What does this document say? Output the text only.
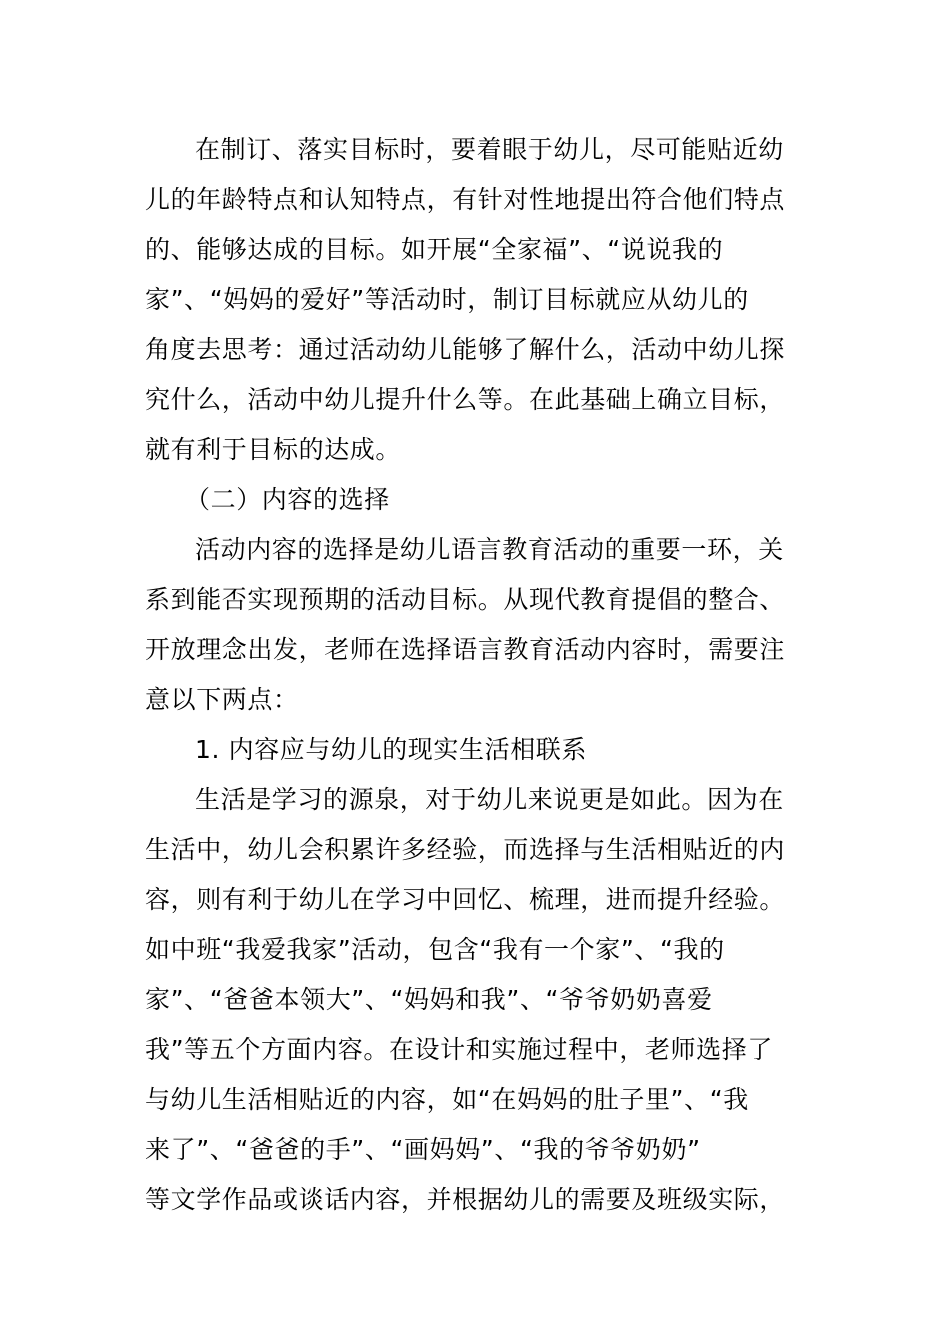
在制订、落实目标时，要着眼于幼儿，尽可能贴近幼
儿的年龄特点和认知特点，有针对性地提出符合他们特点
的、能够达成的目标。如开展“全家福”、“说说我的
家”、“妈妈的爱好”等活动时，制订目标就应从幼儿的
角度去思考：通过活动幼儿能够了解什么，活动中幼儿探
究什么，活动中幼儿提升什么等。在此基础上确立目标，
就有利于目标的达成。
（二）内容的选择
活动内容的选择是幼儿语言教育活动的重要一环，关
系到能否实现预期的活动目标。从现代教育提倡的整合、
开放理念出发，老师在选择语言教育活动内容时，需要注
意以下两点：
1. 内容应与幼儿的现实生活相联系
生活是学习的源泉，对于幼儿来说更是如此。因为在
生活中，幼儿会积累许多经验，而选择与生活相贴近的内
容，则有利于幼儿在学习中回忆、梳理，进而提升经验。
如中班“我爱我家”活动，包含“我有一个家”、“我的
家”、“爸爸本领大”、“妈妈和我”、“爷爷奶奶喜爱
我”等五个方面内容。在设计和实施过程中，老师选择了
与幼儿生活相贴近的内容，如“在妈妈的肚子里”、“我
来了”、“爸爸的手”、“画妈妈”、“我的爷爷奶奶”
等文学作品或谈话内容，并根据幼儿的需要及班级实际，
